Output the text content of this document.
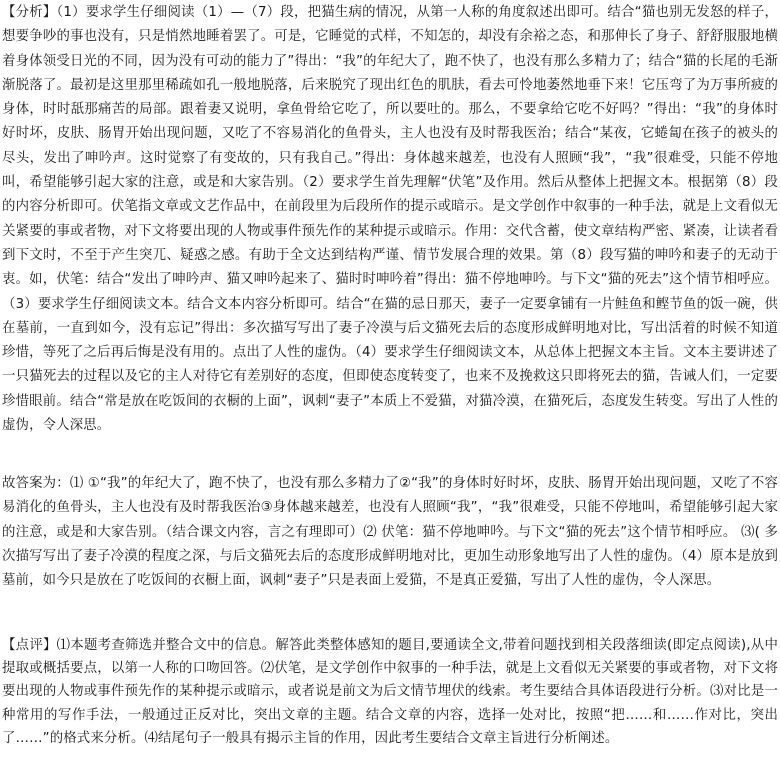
【分析】（1）要求学生仔细阅读（1）—（7）段，把猫生病的情况，从第一人称的角度叙述出即可。结合“猫也别无发怒的样子，想要争吵的事也没有，只是悄然地睡着罢了。可是，它睡觉的式样，不知怎的，却没有余裕之态，和那伸长了身子、舒舒服服地横着身体领受日光的不同，因为没有可动的能力了”得出：“我”的年纪大了，跑不快了，也没有那么多精力了；结合“猫的长尾的毛渐渐脱落了。最初是这里那里稀疏如孔一般地脱落，后来脱究了现出红色的肌肤，看去可怜地萎然地垂下来！它压弯了为万事所疲的身体，时时舐那痛苦的局部。跟着妻又说明，拿鱼骨给它吃了，所以要吐的。那么，不要拿给它吃不好吗？”得出：“我”的身体时好时坏，皮肤、肠胃开始出现问题，又吃了不容易消化的鱼骨头，主人也没有及时帮我医治；结合“某夜，它蜷匐在孩子的被头的尽头，发出了呻吟声。这时觉察了有变故的，只有我自己。”得出：身体越来越差，也没有人照顾“我”，“我”很难受，只能不停地叫，希望能够引起大家的注意，或是和大家告别。（2）要求学生首先理解“伏笔”及作用。然后从整体上把握文本。根据第（8）段的内容分析即可。伏笔指文章或文艺作品中，在前段里为后段所作的提示或暗示。是文学创作中叙事的一种手法，就是上文看似无关紧要的事或者物，对下文将要出现的人物或事件预先作的某种提示或暗示。作用：交代含蓄，使文章结构严密、紧凑，让读者看到下文时，不至于产生突兀、疑惑之感。有助于全文达到结构严谨、情节发展合理的效果。第（8）段写猫的呻吟和妻子的无动于衷。如，伏笔：结合“发出了呻吟声、猫又呻吟起来了、猫时时呻吟着”得出：猫不停地呻吟。与下文“猫的死去”这个情节相呼应。（3）要求学生仔细阅读文本。结合文本内容分析即可。结合“在猫的忌日那天，妻子一定要拿铺有一片鲑鱼和鲣节鱼的饭一碗，供在墓前，一直到如今，没有忘记”得出：多次描写写出了妻子冷漠与后文猫死去后的态度形成鲜明地对比，写出活着的时候不知道珍惜，等死了之后再后悔是没有用的。点出了人性的虚伪。（4）要求学生仔细阅读文本，从总体上把握文本主旨。文本主要讲述了一只猫死去的过程以及它的主人对待它有差别好的态度，但即使态度转变了，也来不及挽救这只即将死去的猫，告诫人们，一定要珍惜眼前。结合“常是放在吃饭间的衣橱的上面”，讽刺“妻子”本质上不爱猫，对猫冷漠，在猫死后，态度发生转变。写出了人性的虚伪，令人深思。
故答案为：⑴ ①“我”的年纪大了，跑不快了，也没有那么多精力了②“我”的身体时好时坏，皮肤、肠胃开始出现问题，又吃了不容易消化的鱼骨头，主人也没有及时帮我医治③身体越来越差，也没有人照顾“我”，“我”很难受，只能不停地叫，希望能够引起大家的注意，或是和大家告别。（结合课文内容，言之有理即可）⑵ 伏笔：猫不停地呻吟。与下文“猫的死去”这个情节相呼应。 ⑶( 多次描写写出了妻子冷漠的程度之深，与后文猫死去后的态度形成鲜明地对比，更加生动形象地写出了人性的虚伪。（4）原本是放到墓前，如今只是放在了吃饭间的衣橱上面，讽刺“妻子”只是表面上爱猫，不是真正爱猫，写出了人性的虚伪，令人深思。
【点评】⑴本题考查筛选并整合文中的信息。解答此类整体感知的题目,要通读全文,带着问题找到相关段落细读(即定点阅读),从中提取或概括要点，以第一人称的口吻回答。⑵伏笔，是文学创作中叙事的一种手法，就是上文看似无关紧要的事或者物，对下文将要出现的人物或事件预先作的某种提示或暗示，或者说是前文为后文情节埋伏的线索。考生要结合具体语段进行分析。⑶对比是一种常用的写作手法，一般通过正反对比，突出文章的主题。结合文章的内容，选择一处对比，按照“把……和……作对比，突出了……”的格式来分析。⑷结尾句子一般具有揭示主旨的作用，因此考生要结合文章主旨进行分析阐述。
